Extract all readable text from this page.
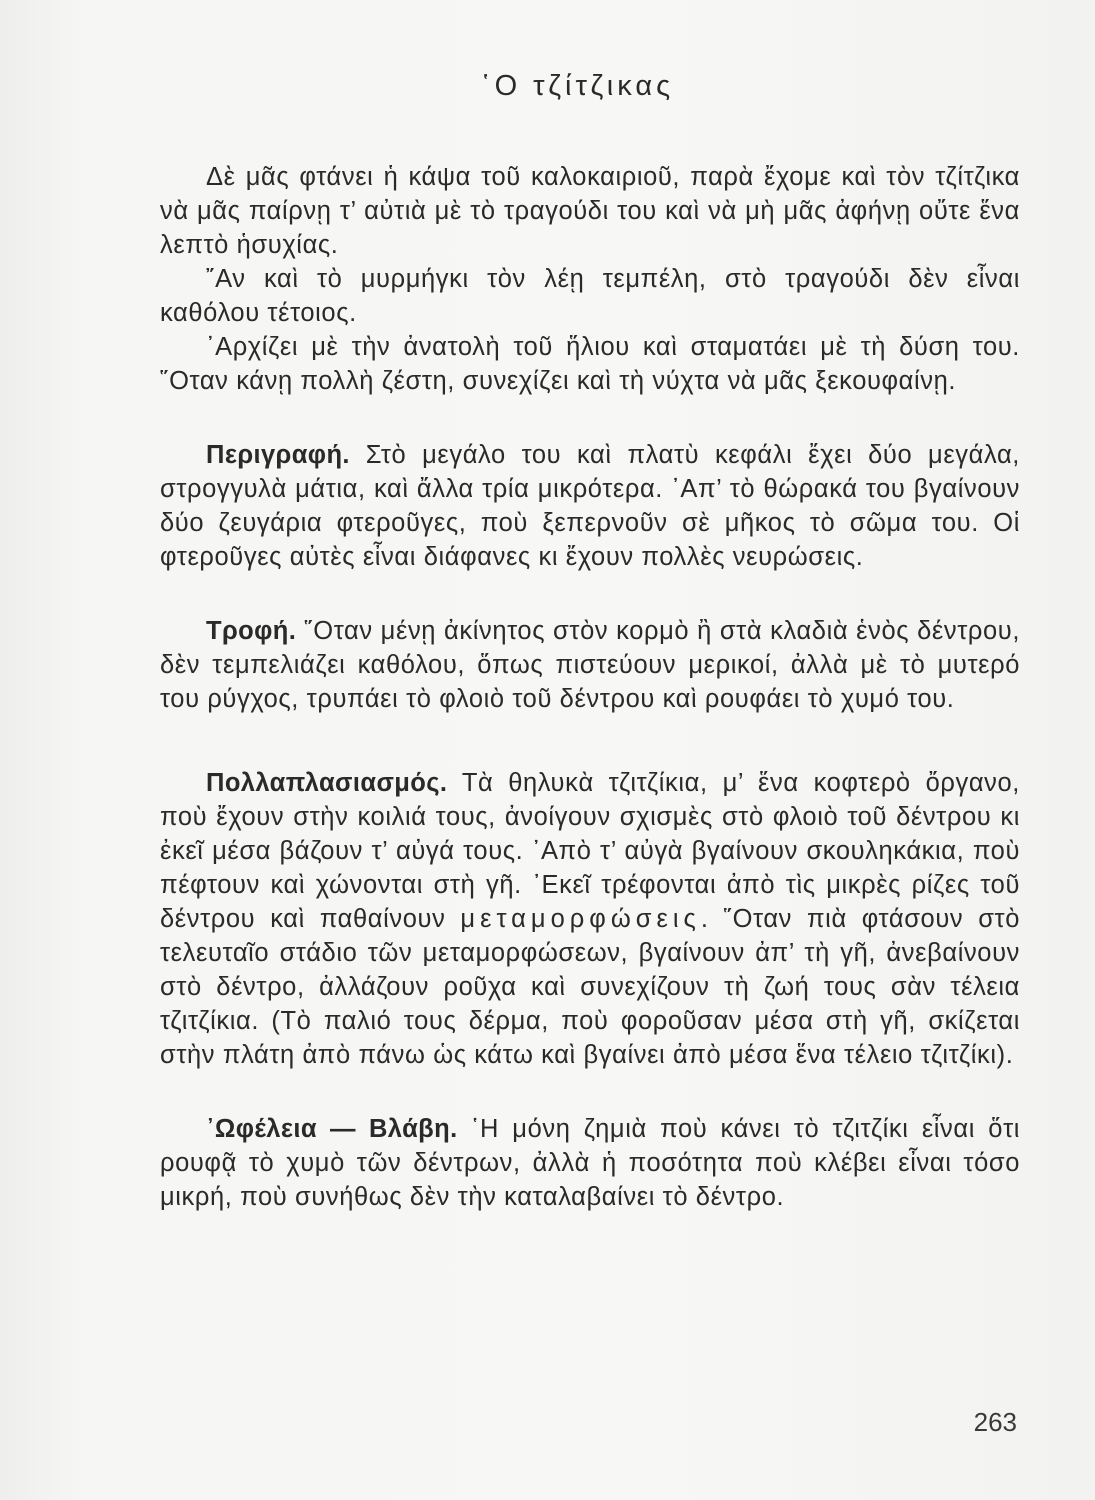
῾Ο τζίτζικας

Δὲ μᾶς φτάνει ἡ κάψα τοῦ καλοκαιριοῦ, παρὰ ἔχομε καὶ τὸν τζίτζικα νὰ μᾶς παίρνῃ τ’ αὐτιὰ μὲ τὸ τραγούδι του καὶ νὰ μὴ μᾶς ἀφήνῃ οὔτε ἕνα λεπτὸ ἡσυχίας.

῎Αν καὶ τὸ μυρμήγκι τὸν λέῃ τεμπέλη, στὸ τραγούδι δὲν εἶναι καθόλου τέτοιος.

᾿Αρχίζει μὲ τὴν ἀνατολὴ τοῦ ἥλιου καὶ σταματάει μὲ τὴ δύση του. ῞Οταν κάνῃ πολλὴ ζέστη, συνεχίζει καὶ τὴ νύχτα νὰ μᾶς ξεκουφαίνῃ.

Περιγραφή. Στὸ μεγάλο του καὶ πλατὺ κεφάλι ἔχει δύο μεγάλα, στρογγυλὰ μάτια, καὶ ἄλλα τρία μικρότερα. ᾿Απ’ τὸ θώρακά του βγαίνουν δύο ζευγάρια φτεροῦγες, ποὺ ξεπερνοῦν σὲ μῆκος τὸ σῶμα του. Οἱ φτεροῦγες αὐτὲς εἶναι διάφανες κι ἔχουν πολλὲς νευρώσεις.

Τροφή. ῞Οταν μένῃ ἀκίνητος στὸν κορμὸ ἢ στὰ κλαδιὰ ἑνὸς δέντρου, δὲν τεμπελιάζει καθόλου, ὅπως πιστεύουν μερικοί, ἀλλὰ μὲ τὸ μυτερό του ρύγχος, τρυπάει τὸ φλοιὸ τοῦ δέντρου καὶ ρουφάει τὸ χυμό του.

Πολλαπλασιασμός. Τὰ θηλυκὰ τζιτζίκια, μ’ ἕνα κοφτερὸ ὄργανο, ποὺ ἔχουν στὴν κοιλιά τους, ἀνοίγουν σχισμὲς στὸ φλοιὸ τοῦ δέντρου κι ἐκεῖ μέσα βάζουν τ’ αὐγά τους. ᾿Απὸ τ’ αὐγὰ βγαίνουν σκουληκάκια, ποὺ πέφτουν καὶ χώνονται στὴ γῆ. ᾿Εκεῖ τρέφονται ἀπὸ τὶς μικρὲς ρίζες τοῦ δέντρου καὶ παθαίνουν μεταμορφώσεις. ῞Οταν πιὰ φτάσουν στὸ τελευταῖο στάδιο τῶν μεταμορφώσεων, βγαίνουν ἀπ’ τὴ γῆ, ἀνεβαίνουν στὸ δέντρο, ἀλλάζουν ροῦχα καὶ συνεχίζουν τὴ ζωή τους σὰν τέλεια τζιτζίκια. (Τὸ παλιό τους δέρμα, ποὺ φοροῦσαν μέσα στὴ γῆ, σκίζεται στὴν πλάτη ἀπὸ πάνω ὡς κάτω καὶ βγαίνει ἀπὸ μέσα ἕνα τέλειο τζιτζίκι).

᾿Ωφέλεια — Βλάβη. ῾Η μόνη ζημιὰ ποὺ κάνει τὸ τζιτζίκι εἶναι ὅτι ρουφᾷ τὸ χυμὸ τῶν δέντρων, ἀλλὰ ἡ ποσότητα ποὺ κλέβει εἶναι τόσο μικρή, ποὺ συνήθως δὲν τὴν καταλαβαίνει τὸ δέντρο.

263
